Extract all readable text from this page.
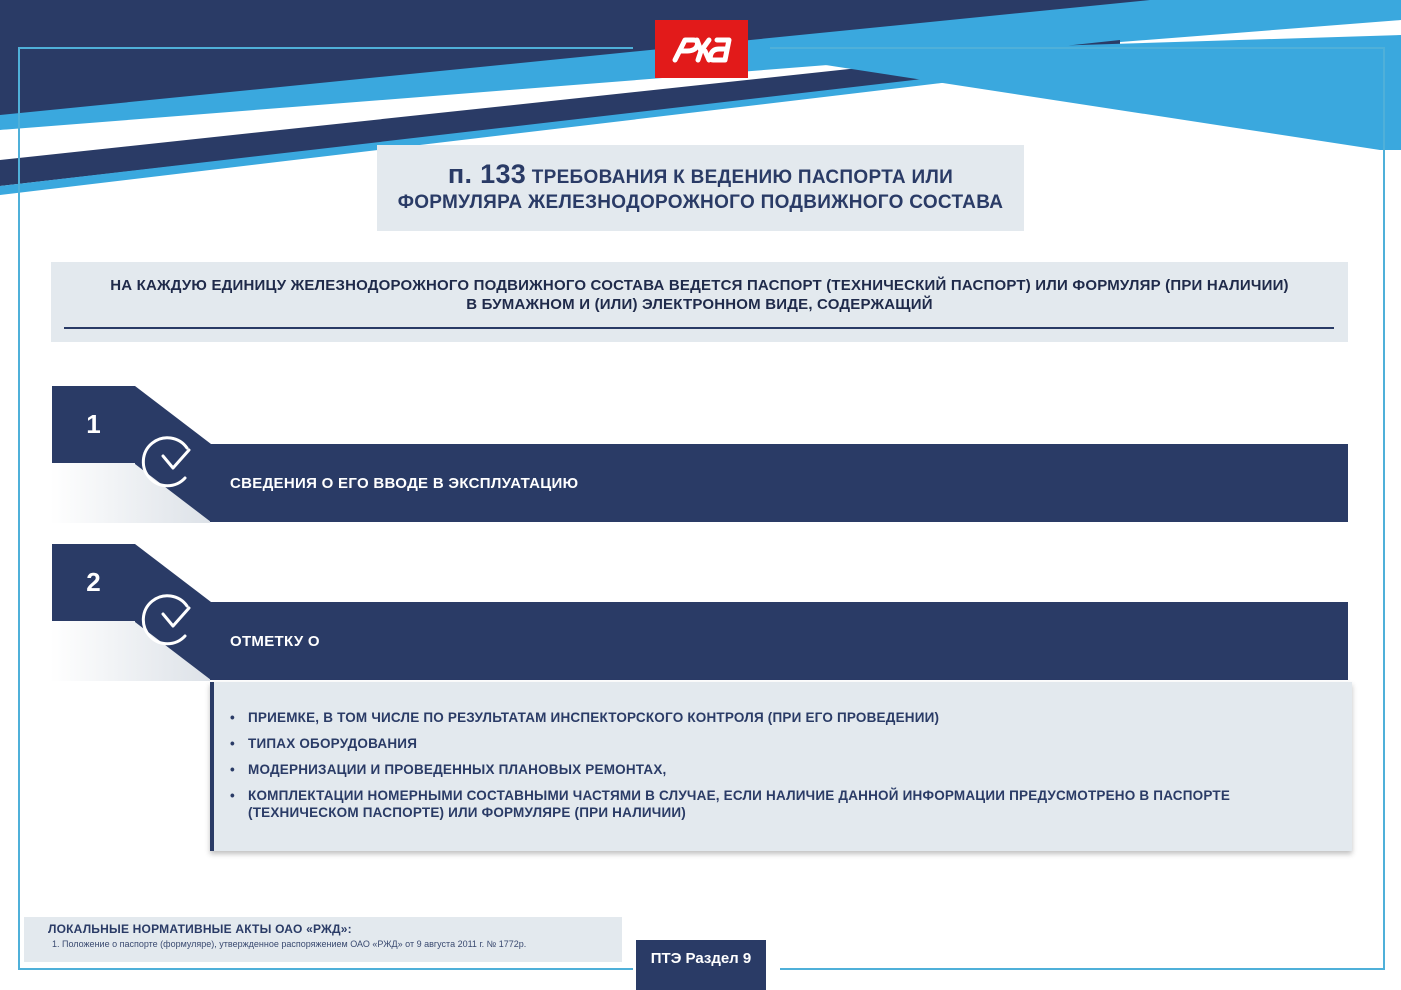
п. 133 ТРЕБОВАНИЯ К ВЕДЕНИЮ ПАСПОРТА ИЛИ
ФОРМУЛЯРА ЖЕЛЕЗНОДОРОЖНОГО ПОДВИЖНОГО СОСТАВА
НА КАЖДУЮ ЕДИНИЦУ ЖЕЛЕЗНОДОРОЖНОГО ПОДВИЖНОГО СОСТАВА ВЕДЕТСЯ ПАСПОРТ (ТЕХНИЧЕСКИЙ ПАСПОРТ) ИЛИ ФОРМУЛЯР (ПРИ НАЛИЧИИ)
В БУМАЖНОМ И (ИЛИ) ЭЛЕКТРОННОМ ВИДЕ, СОДЕРЖАЩИЙ
1
СВЕДЕНИЯ О ЕГО ВВОДЕ В ЭКСПЛУАТАЦИЮ
2
ОТМЕТКУ О
• ПРИЕМКЕ, В ТОМ ЧИСЛЕ ПО РЕЗУЛЬТАТАМ ИНСПЕКТОРСКОГО КОНТРОЛЯ (ПРИ ЕГО ПРОВЕДЕНИИ)
• ТИПАХ ОБОРУДОВАНИЯ
• МОДЕРНИЗАЦИИ И ПРОВЕДЕННЫХ ПЛАНОВЫХ РЕМОНТАХ,
• КОМПЛЕКТАЦИИ НОМЕРНЫМИ СОСТАВНЫМИ ЧАСТЯМИ В СЛУЧАЕ, ЕСЛИ НАЛИЧИЕ ДАННОЙ ИНФОРМАЦИИ ПРЕДУСМОТРЕНО В ПАСПОРТЕ (ТЕХНИЧЕСКОМ ПАСПОРТЕ) ИЛИ ФОРМУЛЯРЕ (ПРИ НАЛИЧИИ)
ЛОКАЛЬНЫЕ НОРМАТИВНЫЕ АКТЫ ОАО «РЖД»:
1. Положение о паспорте (формуляре), утвержденное распоряжением ОАО «РЖД» от 9 августа 2011 г. № 1772р.
ПТЭ Раздел 9
